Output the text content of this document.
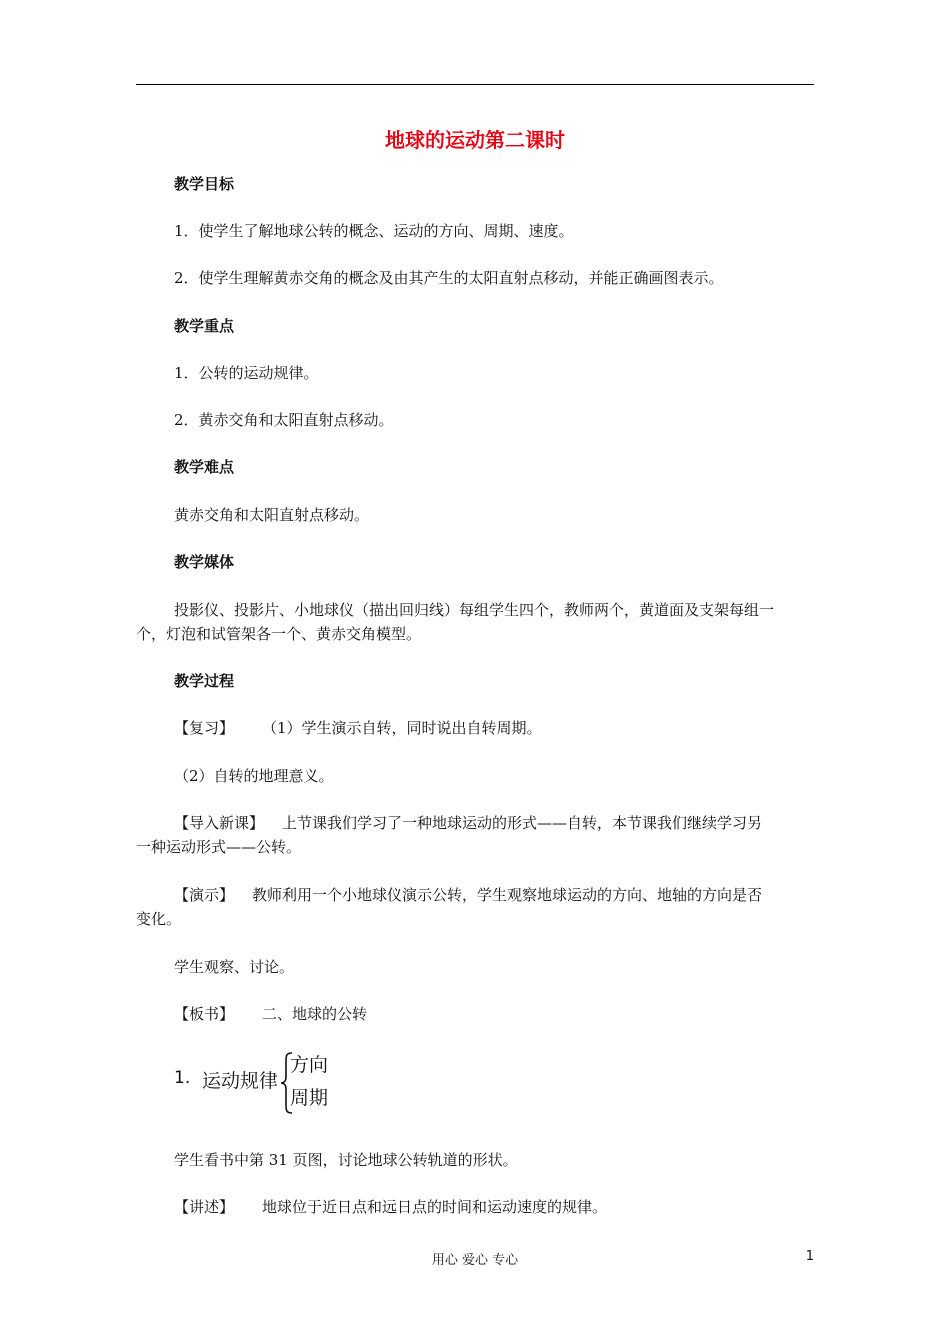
地球的运动第二课时
教学目标
1．使学生了解地球公转的概念、运动的方向、周期、速度。
2．使学生理解黄赤交角的概念及由其产生的太阳直射点移动，并能正确画图表示。
教学重点
1．公转的运动规律。
2．黄赤交角和太阳直射点移动。
教学难点
黄赤交角和太阳直射点移动。
教学媒体
投影仪、投影片、小地球仪（描出回归线）每组学生四个，教师两个，黄道面及支架每组一
个，灯泡和试管架各一个、黄赤交角模型。
教学过程
【复习】 （1）学生演示自转，同时说出自转周期。
（2）自转的地理意义。
【导入新课】 上节课我们学习了一种地球运动的形式——自转，本节课我们继续学习另
一种运动形式——公转。
【演示】 教师利用一个小地球仪演示公转，学生观察地球运动的方向、地轴的方向是否
变化。
学生观察、讨论。
【板书】 二、地球的公转
1. 运动规律
方向
周期
学生看书中第 31 页图，讨论地球公转轨道的形状。
【讲述】 地球位于近日点和远日点的时间和运动速度的规律。
用心 爱心 专心	1
